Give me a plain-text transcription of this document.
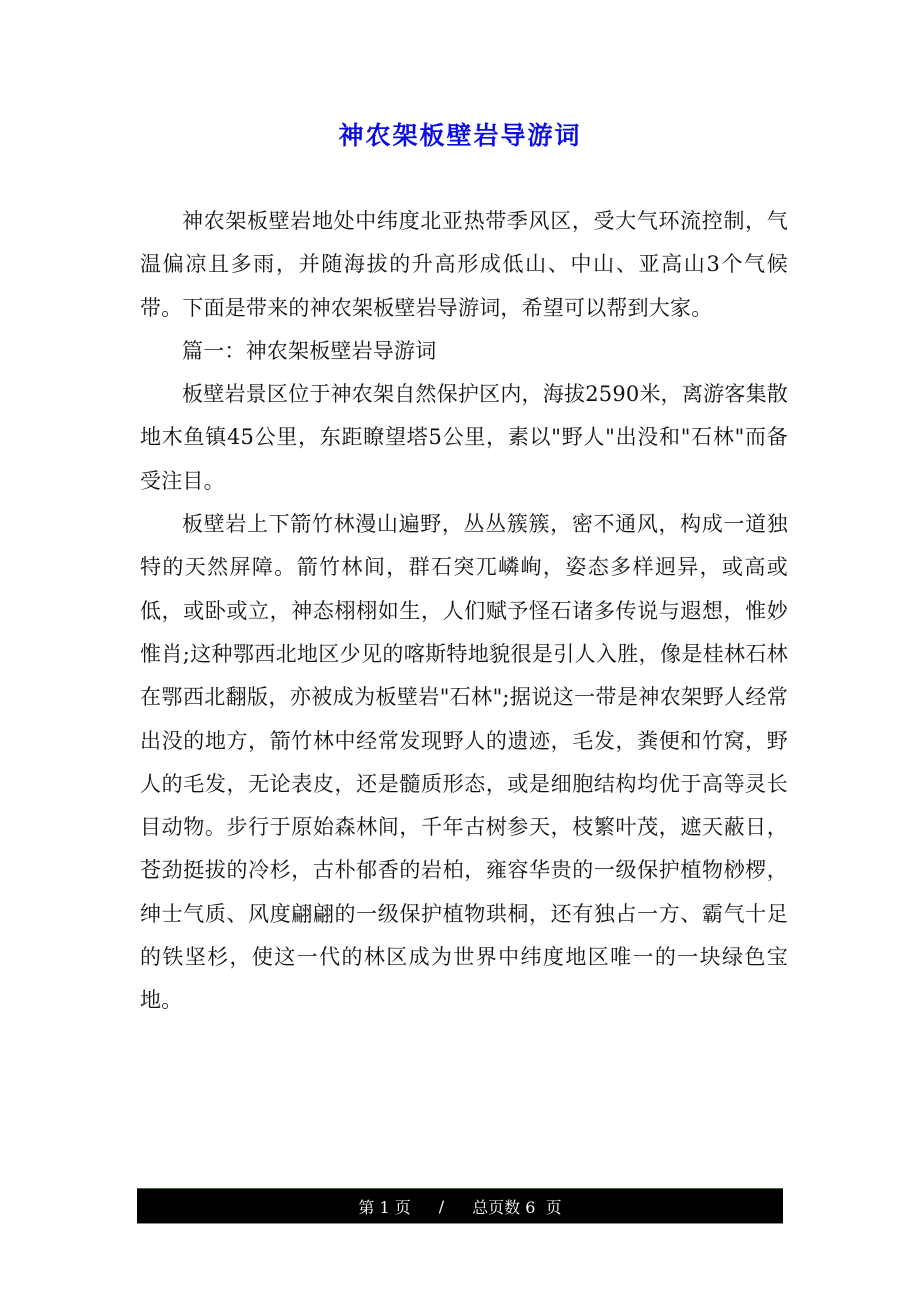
神农架板壁岩导游词

神农架板壁岩地处中纬度北亚热带季风区，受大气环流控制，气温偏凉且多雨，并随海拔的升高形成低山、中山、亚高山3个气候带。下面是带来的神农架板壁岩导游词，希望可以帮到大家。

篇一：神农架板壁岩导游词

板壁岩景区位于神农架自然保护区内，海拔2590米，离游客集散地木鱼镇45公里，东距瞭望塔5公里，素以"野人"出没和"石林"而备受注目。

板壁岩上下箭竹林漫山遍野，丛丛簇簇，密不通风，构成一道独特的天然屏障。箭竹林间，群石突兀嶙峋，姿态多样迥异，或高或低，或卧或立，神态栩栩如生，人们赋予怪石诸多传说与遐想，惟妙惟肖;这种鄂西北地区少见的喀斯特地貌很是引人入胜，像是桂林石林在鄂西北翻版，亦被成为板壁岩"石林";据说这一带是神农架野人经常出没的地方，箭竹林中经常发现野人的遗迹，毛发，粪便和竹窝，野人的毛发，无论表皮，还是髓质形态，或是细胞结构均优于高等灵长目动物。步行于原始森林间，千年古树参天，枝繁叶茂，遮天蔽日，苍劲挺拔的冷杉，古朴郁香的岩柏，雍容华贵的一级保护植物桫椤，绅士气质、风度翩翩的一级保护植物珙桐，还有独占一方、霸气十足的铁坚杉，使这一代的林区成为世界中纬度地区唯一的一块绿色宝地。

第 1 页 / 总页数 6  页
